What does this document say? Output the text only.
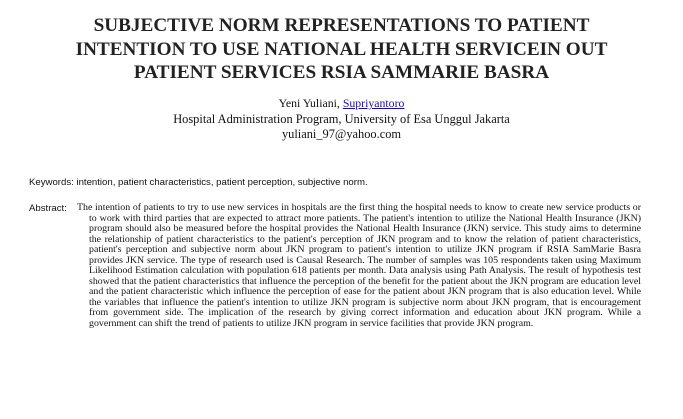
SUBJECTIVE NORM REPRESENTATIONS TO PATIENT
INTENTION TO USE NATIONAL HEALTH SERVICEIN OUT
PATIENT SERVICES RSIA SAMMARIE BASRA
Yeni Yuliani, Supriyantoro
Hospital Administration Program, University of Esa Unggul Jakarta
yuliani_97@yahoo.com
Keywords: intention, patient characteristics, patient perception, subjective norm.
Abstract: The intention of patients to try to use new services in hospitals are the first thing the hospital needs to know to create new service products or to work with third parties that are expected to attract more patients. The patient's intention to utilize the National Health Insurance (JKN) program should also be measured before the hospital provides the National Health Insurance (JKN) service. This study aims to determine the relationship of patient characteristics to the patient's perception of JKN program and to know the relation of patient characteristics, patient's perception and subjective norm about JKN program to patient's intention to utilize JKN program if RSIA SamMarie Basra provides JKN service. The type of research used is Causal Research. The number of samples was 105 respondents taken using Maximum Likelihood Estimation calculation with population 618 patients per month. Data analysis using Path Analysis. The result of hypothesis test showed that the patient characteristics that influence the perception of the benefit for the patient about the JKN program are education level and the patient characteristic which influence the perception of ease for the patient about JKN program that is also education level. While the variables that influence the patient's intention to utilize JKN program is subjective norm about JKN program, that is encouragement from government side. The implication of the research by giving correct information and education about JKN program. While a government can shift the trend of patients to utilize JKN program in service facilities that provide JKN program.
